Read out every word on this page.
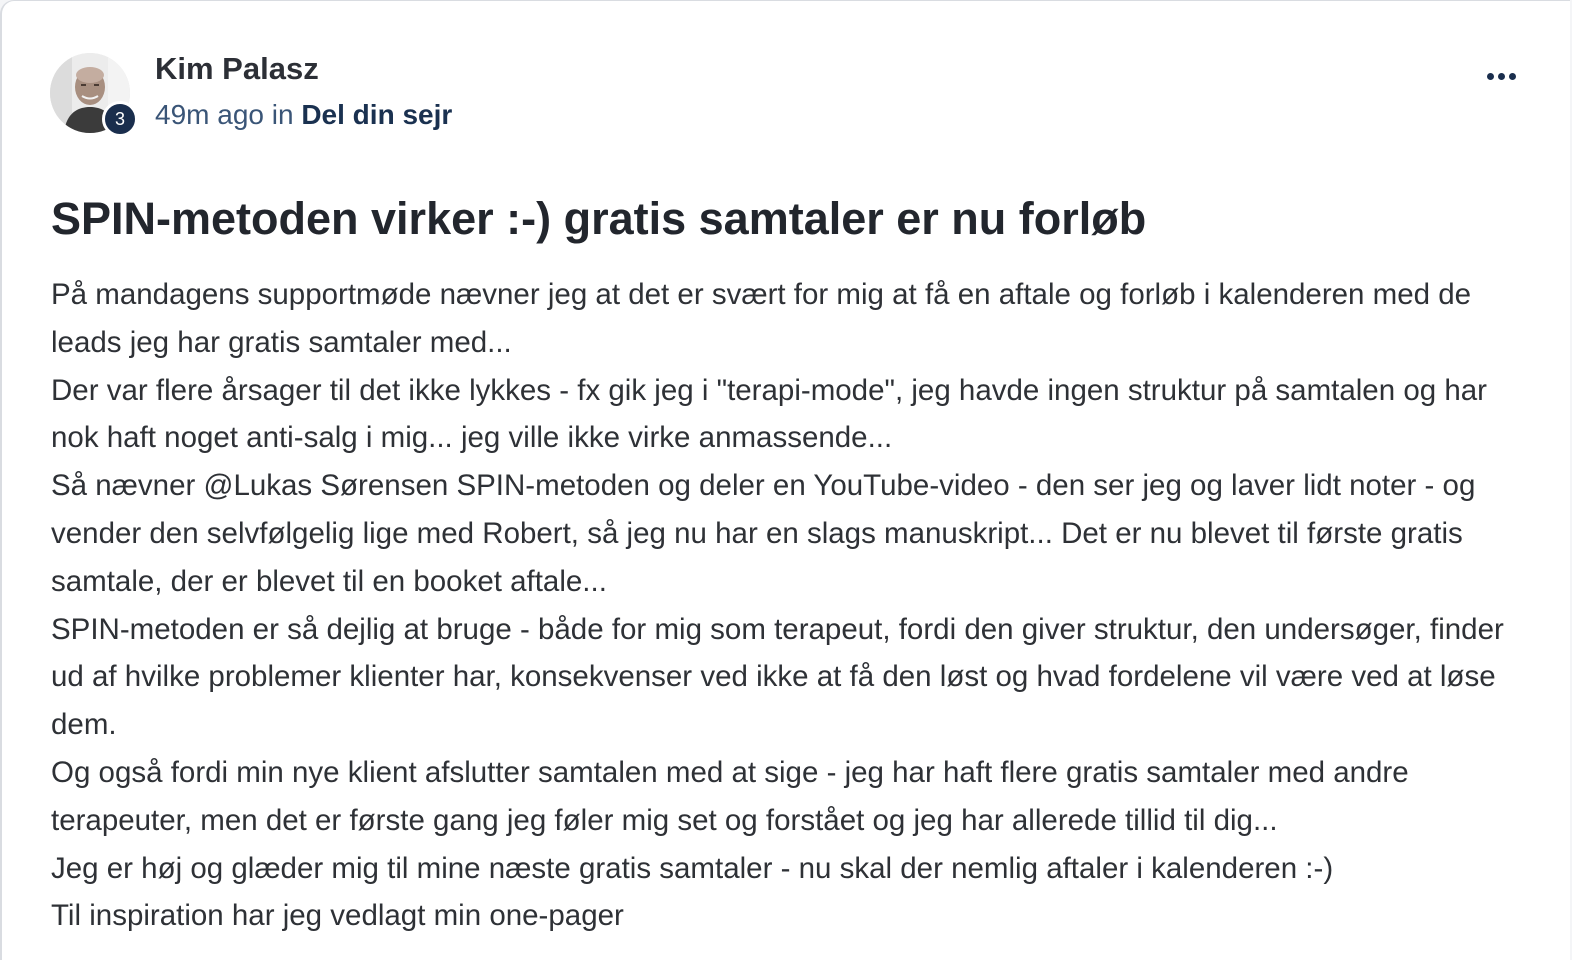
3
Kim Palasz
49m ago in Del din sejr
SPIN-metoden virker :-) gratis samtaler er nu forløb

På mandagens supportmøde nævner jeg at det er svært for mig at få en aftale og forløb i kalenderen med de leads jeg har gratis samtaler med...

Der var flere årsager til det ikke lykkes - fx gik jeg i "terapi-mode", jeg havde ingen struktur på samtalen og har nok haft noget anti-salg i mig... jeg ville ikke virke anmassende...

Så nævner @Lukas Sørensen SPIN-metoden og deler en YouTube-video - den ser jeg og laver lidt noter - og vender den selvfølgelig lige med Robert, så jeg nu har en slags manuskript... Det er nu blevet til første gratis samtale, der er blevet til en booket aftale...

SPIN-metoden er så dejlig at bruge - både for mig som terapeut, fordi den giver struktur, den undersøger, finder ud af hvilke problemer klienter har, konsekvenser ved ikke at få den løst og hvad fordelene vil være ved at løse dem.

Og også fordi min nye klient afslutter samtalen med at sige - jeg har haft flere gratis samtaler med andre terapeuter, men det er første gang jeg føler mig set og forstået og jeg har allerede tillid til dig...

Jeg er høj og glæder mig til mine næste gratis samtaler - nu skal der nemlig aftaler i kalenderen :-)

Til inspiration har jeg vedlagt min one-pager
